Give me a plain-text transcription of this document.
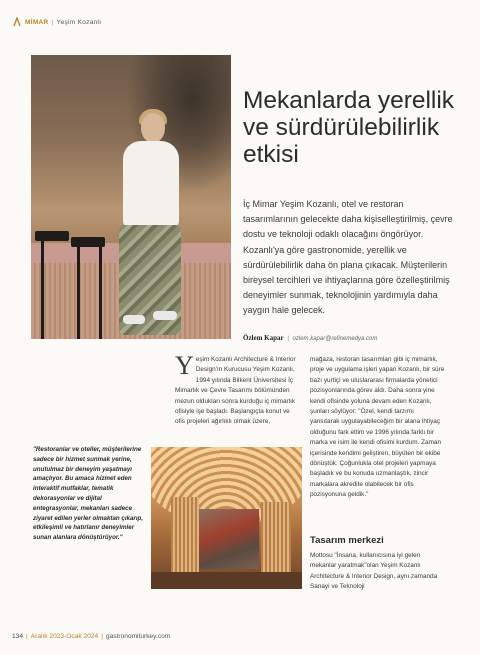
MİMAR | Yeşim Kozanlı
Mekanlarda yerellik ve sürdürülebilirlik etkisi
İç Mimar Yeşim Kozanlı, otel ve restoran tasarımlarının gelecekte daha kişiselleştirilmiş, çevre dostu ve teknoloji odaklı olacağını öngörüyor. Kozanlı'ya göre gastronomide, yerellik ve sürdürülebilirlik daha ön plana çıkacak. Müşterilerin bireysel tercihleri ve ihtiyaçlarına göre özelleştirilmiş deneyimler sunmak, teknolojinin yardımıyla daha yaygın hale gelecek.
Özlem Kapar | ozlem.kapar@refinemedya.com
Yeşim Kozanlı Architecture & Interior Design'ın Kurucusu Yeşim Kozanlı, 1994 yılında Bilkent Üniversitesi İç Mimarlık ve Çevre Tasarımı bölümünden mezun oldukları sonra kurduğu iç mimarlık ofisiyle işe başladı. Başlangıçta konut ve ofis projeleri ağırlıklı olmak üzere,
mağaza, restoran tasarımları gibi iç mimarlık, proje ve uygulama işleri yapan Kozanlı, bir süre bazı yurtiçi ve uluslararası firmalarda yönetici pozisyonlarında görev aldı. Daha sonra yine kendi ofisinde yoluna devam eden Kozanlı, şunları söylüyor: "Özel, kendi tarzımı yansıtarak uygulayabileceğim bir alana ihtiyaç olduğunu fark ettim ve 1996 yılında farklı bir marka ve isim ile kendi ofisimi kurdum. Zaman içerisinde kendimi geliştiren, büyüten bir ekibe dönüştük. Çoğunlukla otel projeleri yapmaya başladık ve bu konuda uzmanlaştık, zincir markalara akredite olabilecek bir ofis pozisyonuna geldik."
"Restoranlar ve oteller, müşterilerine sadece bir hizmet sunmak yerine, unutulmaz bir deneyim yaşatmayı amaçlıyor. Bu amaca hizmet eden interaktif mutfaklar, tematik dekorasyonlar ve dijital entegrasyonlar, mekanları sadece ziyaret edilen yerler olmaktan çıkarıp, etkileşimli ve hatırlanır deneyimler sunan alanlara dönüştürüyor."	Tasarım merkezi
Mottosu "İnsana, kullanıcısına iyi gelen mekanlar yaratmak"olan Yeşim Kozanlı Architecture & Interior Design, aynı zamanda Sanayi ve Teknoloji
134 | Aralık 2023-Ocak 2024 | gastronomiturkey.com
